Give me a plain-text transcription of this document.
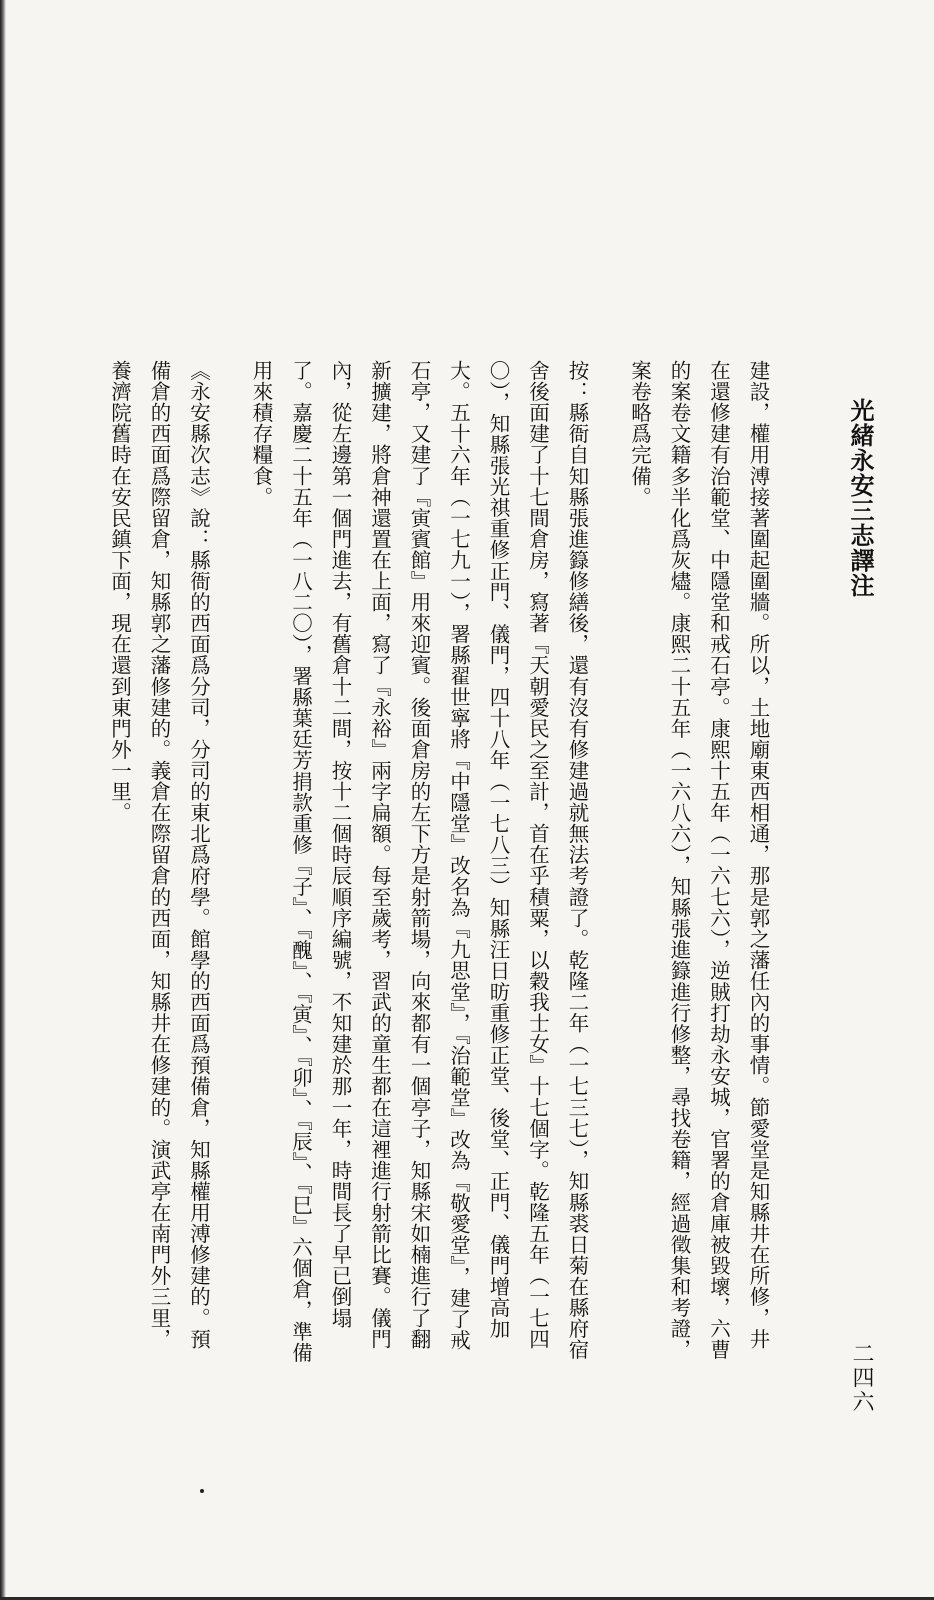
光緒永安三志譯注
二四六

建設，權用溥接著圍起圍牆。所以，土地廟東西相通，那是郭之藩任內的事情。節愛堂是知縣井在所修，井在還修建有治範堂、中隱堂和戒石亭。康熙十五年（一六七六），逆賊打劫永安城，官署的倉庫被毀壞，六曹的案卷文籍多半化爲灰燼。康熙二十五年（一六八六），知縣張進籙進行修整，尋找卷籍，經過徵集和考證，案卷略爲完備。

按：縣衙自知縣張進籙修繕後，還有沒有修建過就無法考證了。乾隆二年（一七三七），知縣裘日菊在縣府宿舍後面建了十七間倉房，寫著『天朝愛民之至計，首在乎積粟，以穀我士女』十七個字。乾隆五年（一七四〇），知縣張光祺重修正門、儀門，四十八年（一七八三）知縣汪日昉重修正堂、後堂、正門、儀門增高加大。五十六年（一七九一），署縣翟世寧將『中隱堂』改名為『九思堂』，『治範堂』改為『敬愛堂』，建了戒石亭，又建了『寅賓館』用來迎賓。後面倉房的左下方是射箭場，向來都有一個亭子，知縣宋如楠進行了翻新擴建，將倉神還置在上面，寫了『永裕』兩字扁額。每至歲考，習武的童生都在這裡進行射箭比賽。儀門內，從左邊第一個門進去，有舊倉十二間，按十二個時辰順序編號，不知建於那一年，時間長了早已倒塌了。嘉慶二十五年（一八二〇），署縣葉廷芳捐款重修『子』、『醜』、『寅』、『卯』、『辰』、『巳』六個倉，準備用來積存糧食。

《永安縣次志》說：縣衙的西面爲分司，分司的東北爲府學。館學的西面爲預備倉，知縣權用溥修建的。預備倉的西面爲際留倉，知縣郭之藩修建的。義倉在際留倉的西面，知縣井在修建的。演武亭在南門外三里，養濟院舊時在安民鎮下面，現在還到東門外一里。
